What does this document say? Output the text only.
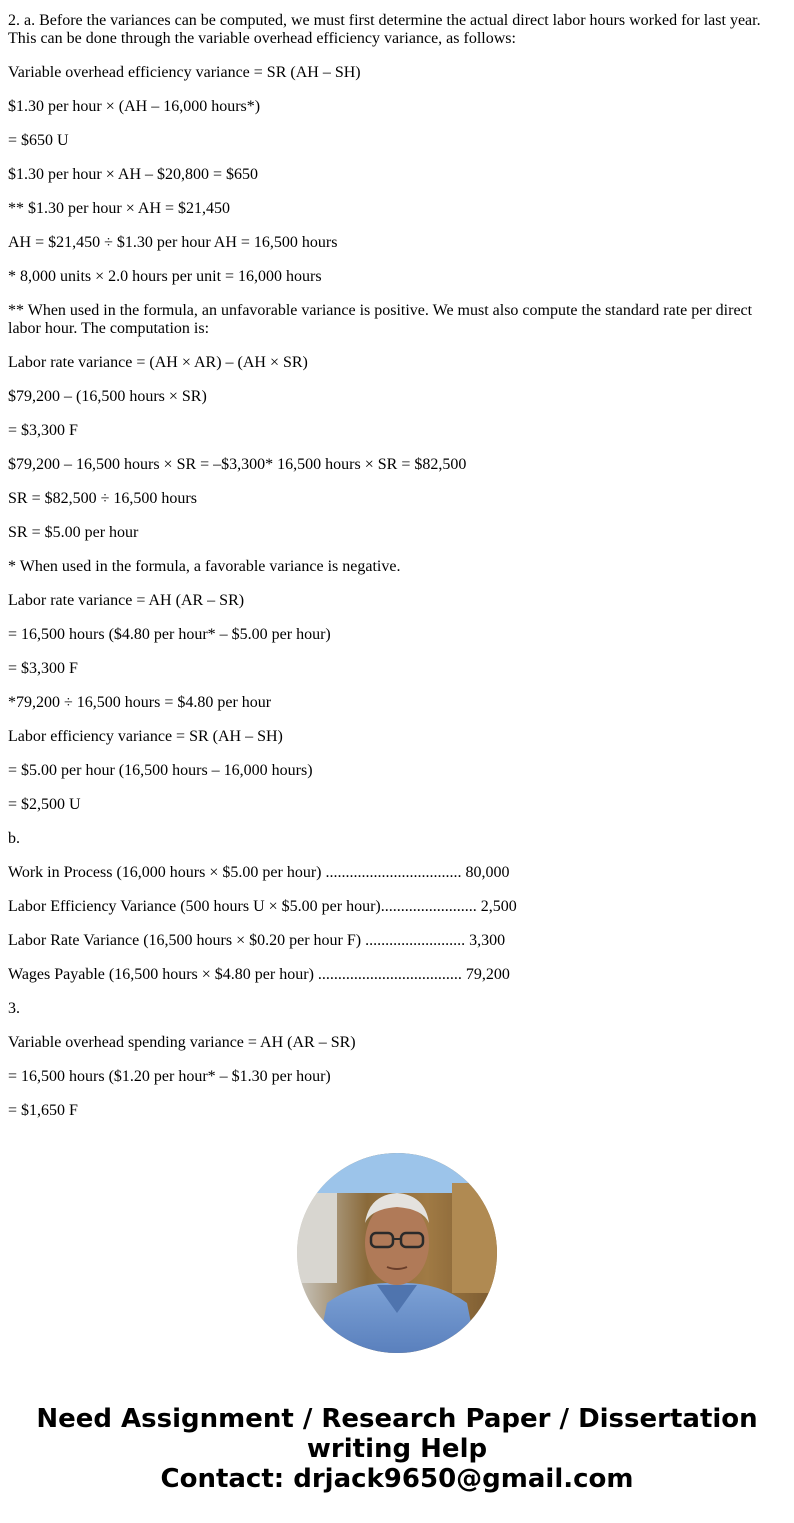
2. a. Before the variances can be computed, we must first determine the actual direct labor hours worked for last year. This can be done through the variable overhead efficiency variance, as follows:
Variable overhead efficiency variance = SR (AH – SH)
$1.30 per hour × (AH – 16,000 hours*)
= $650 U
$1.30 per hour × AH – $20,800 = $650
** $1.30 per hour × AH = $21,450
AH = $21,450 ÷ $1.30 per hour AH = 16,500 hours
* 8,000 units × 2.0 hours per unit = 16,000 hours
** When used in the formula, an unfavorable variance is positive. We must also compute the standard rate per direct labor hour. The computation is:
Labor rate variance = (AH × AR) – (AH × SR)
$79,200 – (16,500 hours × SR)
= $3,300 F
$79,200 – 16,500 hours × SR = –$3,300* 16,500 hours × SR = $82,500
SR = $82,500 ÷ 16,500 hours
SR = $5.00 per hour
* When used in the formula, a favorable variance is negative.
Labor rate variance = AH (AR – SR)
= 16,500 hours ($4.80 per hour* – $5.00 per hour)
= $3,300 F
*79,200 ÷ 16,500 hours = $4.80 per hour
Labor efficiency variance = SR (AH – SH)
= $5.00 per hour (16,500 hours – 16,000 hours)
= $2,500 U
b.
Work in Process (16,000 hours × $5.00 per hour) .................................. 80,000
Labor Efficiency Variance (500 hours U × $5.00 per hour)........................ 2,500
Labor Rate Variance (16,500 hours × $0.20 per hour F) ......................... 3,300
Wages Payable (16,500 hours × $4.80 per hour) .................................... 79,200
3.
Variable overhead spending variance = AH (AR – SR)
= 16,500 hours ($1.20 per hour* – $1.30 per hour)
= $1,650 F
Need Assignment / Research Paper / Dissertation
writing Help
Contact: drjack9650@gmail.com
